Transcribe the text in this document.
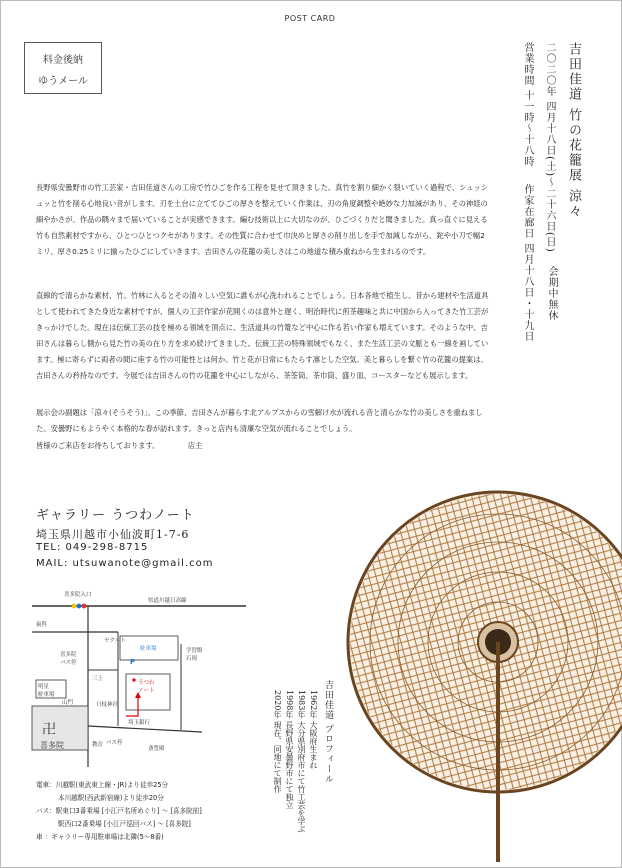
POST CARD
料金後納
ゆうメール	吉田佳道 竹の花籠展 涼々
二〇二〇年 四月十八日(土)〜二十六日(日)
会期中無休
営業時間 十一時〜十八時
作家在廊日 四月十八日・十九日
長野県安曇野市の竹工芸家・吉田佳道さんの工房で竹ひごを作る工程を見せて頂きました。真竹を割り細かく裂いていく過程で、シュッシュッと竹を削る心地良い音がします。刃を土台に立ててひごの厚さを整えていく作業は、刃の角度調整や絶妙な力加減があり、その神経の細やかさが、作品の隅々まで届いていることが実感できます。編む技術以上に大切なのが、ひごづくりだと聞きました。真っ直ぐに見える竹も自然素材ですから、ひとつひとつクセがあります。その性質に合わせて巾決めと厚さの削り出しを手で加減しながら、鉈や小刀で幅2ミリ、厚さ0.25ミリに揃ったひごにしていきます。吉田さんの花籠の美しさはこの地道な積み重ねから生まれるのです。
直線的で清らかな素材、竹。竹林に入るとその清々しい空気に誰もが心洗われることでしょう。日本各地で植生し、昔から建材や生活道具として使われてきた身近な素材ですが、個人の工芸作家が花開くのは意外と遅く、明治時代に煎茶趣味と共に中国から入ってきた竹工芸がきっかけでした。現在は伝統工芸の技を極める領域を頂点に、生活道具の竹篭など中心に作る若い作家も増えています。そのような中、吉田さんは暮らし側から見た竹の美の在り方を求め続けてきました。伝統工芸の特殊領域でもなく、また生活工芸の文脈とも一線を画しています。極に寄らずに両者の間に座する竹の可能性とは何か。竹と花が日常にもたらす凛とした空気。美と暮らしを繋ぐ竹の花籠の提案は、吉田さんの矜持なのです。今展では吉田さんの竹の花籠を中心にしながら、茶筌筒、茶巾筒、盛り皿、コースターなども展示します。
展示会の副題は「涼々(そうそう)」。この季節、吉田さんが暮らす北アルプスからの雪解け水が流れる音と清らかな竹の美しさを重ねました。安曇野にもようやく本格的な春が訪れます。きっと店内も清廉な空気が流れることでしょう。
皆様のご来店をお待ちしております。	店主
ギャラリー うつわノート
埼玉県川越市小仙波町1-7-6
TEL: 049-298-8715
MAIL: utsuwanote@gmail.com
喜多院入口
県道川越日高線
歯科
ヤクルト
駐車場
P
学習館
石岡
喜多院
バス停
三上
明星
駐車場
うつわ
ノート
山門	日枝神社
卍
喜多院	教育
埼玉銀行
バス停
斎豊殿
電車：川越駅(東武東上線・JR)より徒歩25分
本川越駅(西武新宿線)より徒歩20分
バス：駅東口3番乗場 [小江戸名所めぐり] 〜 [喜多院前]
駅西口2番乗場 [小江戸巡回バス] 〜 [喜多院]
車 ：ギャラリー専用駐車場は北隣(5〜8番)
吉田佳道 プロフィール
1962年 大阪府生まれ
1983年 大分県別府市にて竹工芸を学ぶ
1998年 長野県安曇野市にて独立
2020年 現在、同地にて制作
